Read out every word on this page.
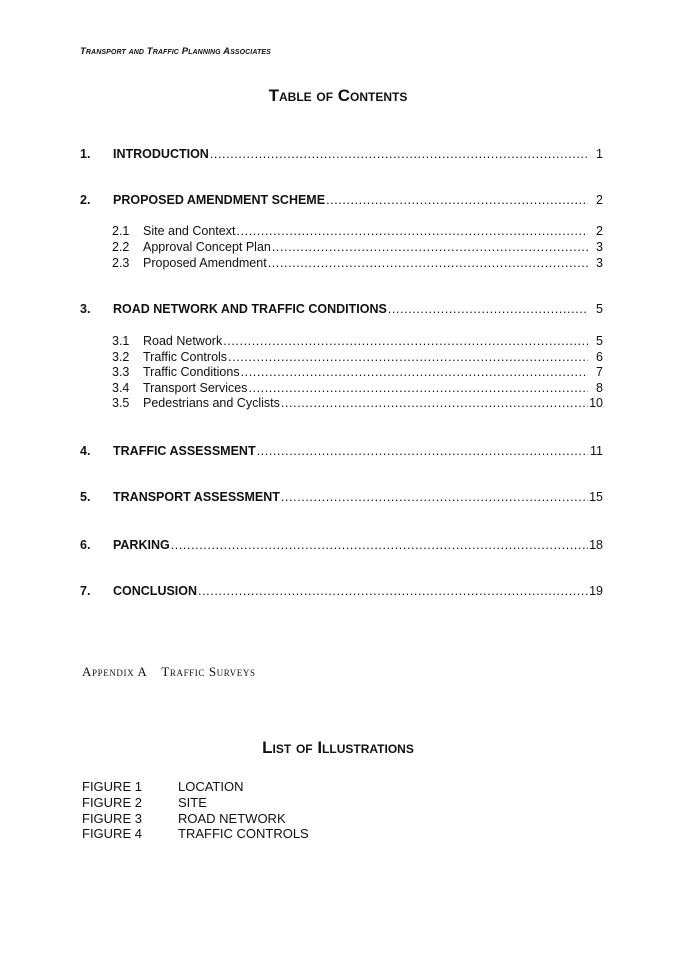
Transport and Traffic Planning Associates
Table of Contents
1.	INTRODUCTION .....	1
2.	PROPOSED AMENDMENT SCHEME .....	2
2.1	Site and Context .....	2
2.2	Approval Concept Plan .....	3
2.3	Proposed Amendment .....	3
3.	ROAD NETWORK AND TRAFFIC CONDITIONS .....	5
3.1	Road Network .....	5
3.2	Traffic Controls .....	6
3.3	Traffic Conditions .....	7
3.4	Transport Services .....	8
3.5	Pedestrians and Cyclists .....	10
4.	TRAFFIC ASSESSMENT .....	11
5.	TRANSPORT ASSESSMENT .....	15
6.	PARKING .....	18
7.	CONCLUSION .....	19
Appendix A Traffic Surveys
List of Illustrations
FIGURE 1	LOCATION
FIGURE 2	SITE
FIGURE 3	ROAD NETWORK
FIGURE 4	TRAFFIC CONTROLS
